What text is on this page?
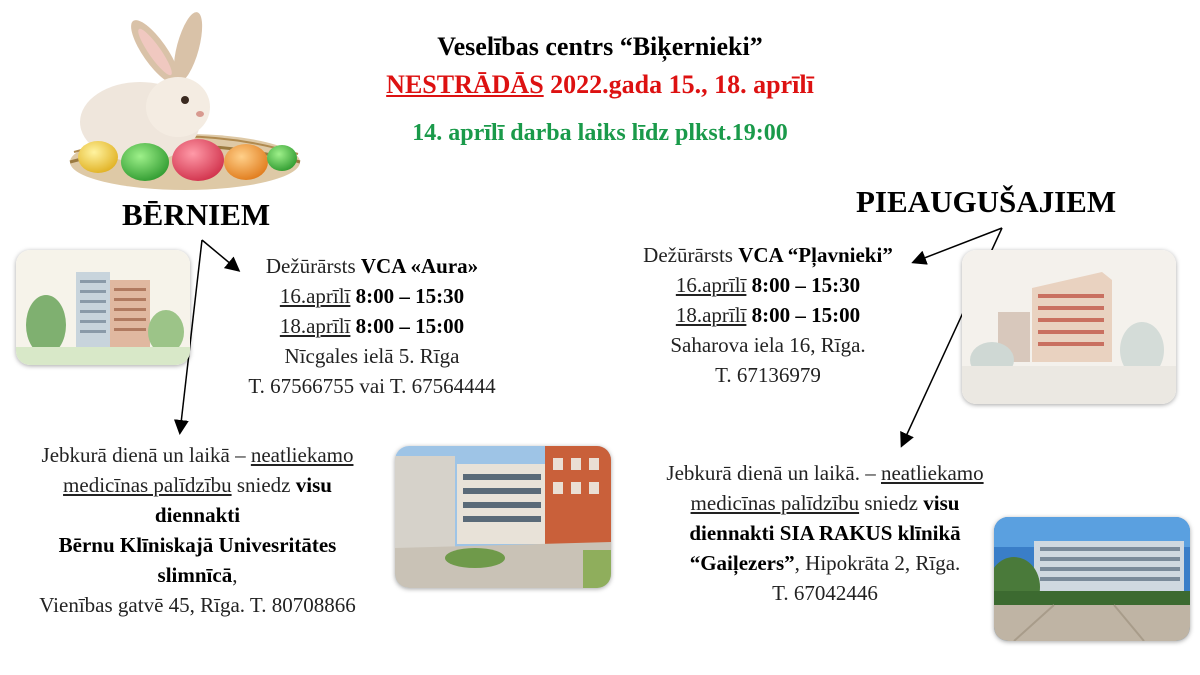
Veselības centrs “Biķernieki”
NESTRĀDĀS 2022.gada 15., 18. aprīlī
14. aprīlī darba laiks līdz plkst.19:00
BĒRNIEM	PIEAUGUŠAJIEM
Dežūrārsts VCA «Aura»
16.aprīlī 8:00 – 15:30
18.aprīlī 8:00 – 15:00
Nīcgales ielā 5. Rīga
T. 67566755 vai T. 67564444
Dežūrārsts VCA “Pļavnieki”
16.aprīlī 8:00 – 15:30
18.aprīlī 8:00 – 15:00
Saharova iela 16, Rīga.
T. 67136979
Jebkurā dienā un laikā – neatliekamo
medicīnas palīdzību sniedz visu
diennakti
Bērnu Klīniskajā Univesritātes
slimnīcā,
Vienības gatvē 45, Rīga. T. 80708866
Jebkurā dienā un laikā. – neatliekamo
medicīnas palīdzību sniedz visu
diennakti SIA RAKUS klīnikā
“Gaiļezers”, Hipokrāta 2, Rīga.
T. 67042446
